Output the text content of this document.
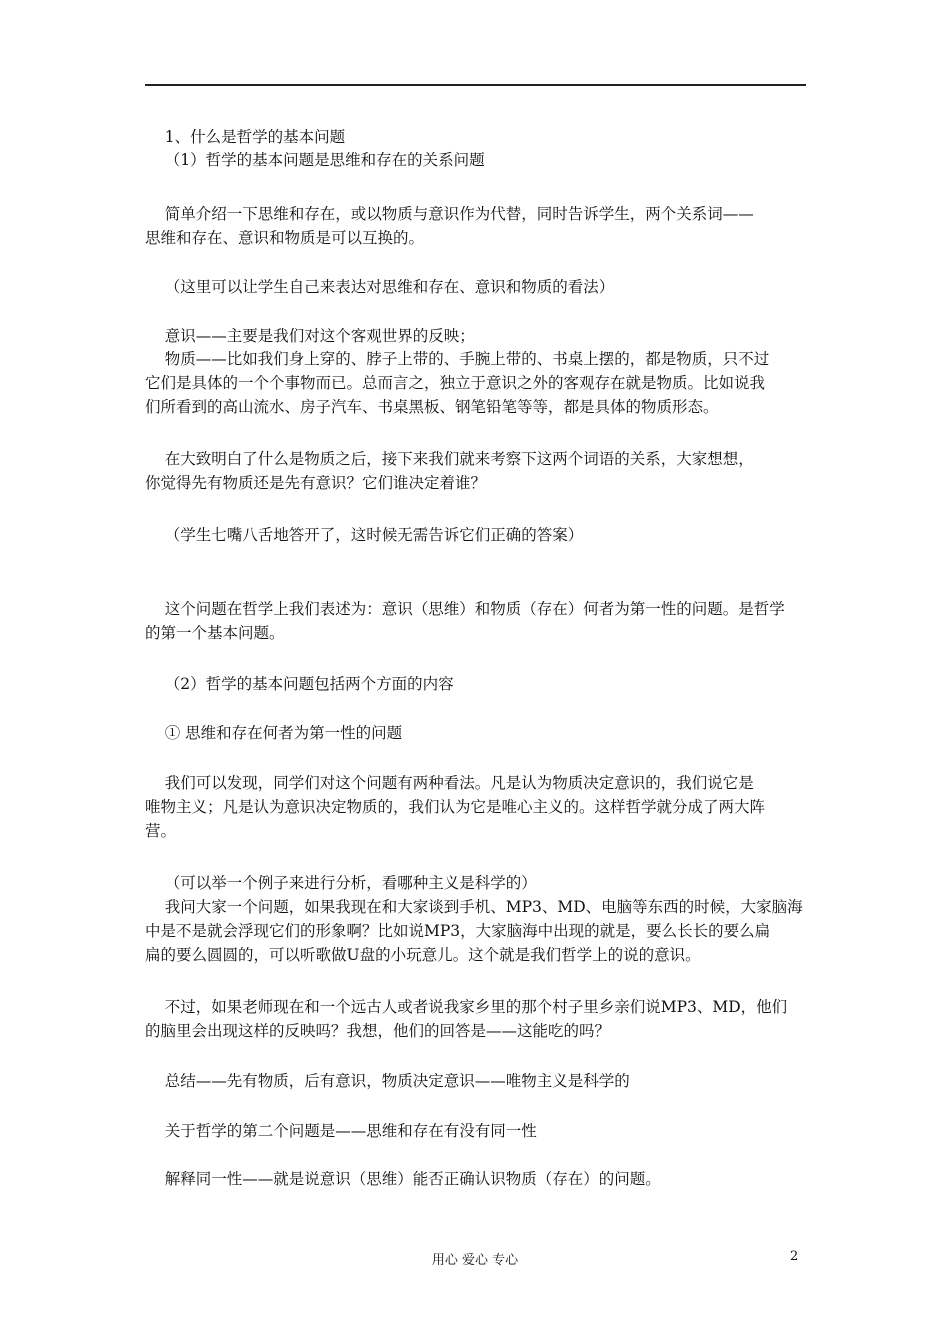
1、什么是哲学的基本问题
（1）哲学的基本问题是思维和存在的关系问题
简单介绍一下思维和存在，或以物质与意识作为代替，同时告诉学生，两个关系词——
思维和存在、意识和物质是可以互换的。
（这里可以让学生自己来表达对思维和存在、意识和物质的看法）
意识——主要是我们对这个客观世界的反映；
物质——比如我们身上穿的、脖子上带的、手腕上带的、书桌上摆的，都是物质，只不过
它们是具体的一个个事物而已。总而言之，独立于意识之外的客观存在就是物质。比如说我
们所看到的高山流水、房子汽车、书桌黑板、钢笔铅笔等等，都是具体的物质形态。
在大致明白了什么是物质之后，接下来我们就来考察下这两个词语的关系，大家想想，
你觉得先有物质还是先有意识？它们谁决定着谁？
（学生七嘴八舌地答开了，这时候无需告诉它们正确的答案）
这个问题在哲学上我们表述为：意识（思维）和物质（存在）何者为第一性的问题。是哲学
的第一个基本问题。
（2）哲学的基本问题包括两个方面的内容
① 思维和存在何者为第一性的问题
我们可以发现，同学们对这个问题有两种看法。凡是认为物质决定意识的，我们说它是
唯物主义；凡是认为意识决定物质的，我们认为它是唯心主义的。这样哲学就分成了两大阵
营。
（可以举一个例子来进行分析，看哪种主义是科学的）
我问大家一个问题，如果我现在和大家谈到手机、MP3、MD、电脑等东西的时候，大家脑海
中是不是就会浮现它们的形象啊？比如说MP3，大家脑海中出现的就是，要么长长的要么扁
扁的要么圆圆的，可以听歌做U盘的小玩意儿。这个就是我们哲学上的说的意识。
不过，如果老师现在和一个远古人或者说我家乡里的那个村子里乡亲们说MP3、MD，他们
的脑里会出现这样的反映吗？我想，他们的回答是——这能吃的吗？
总结——先有物质，后有意识，物质决定意识——唯物主义是科学的
关于哲学的第二个问题是——思维和存在有没有同一性
解释同一性——就是说意识（思维）能否正确认识物质（存在）的问题。
用心 爱心 专心	2
